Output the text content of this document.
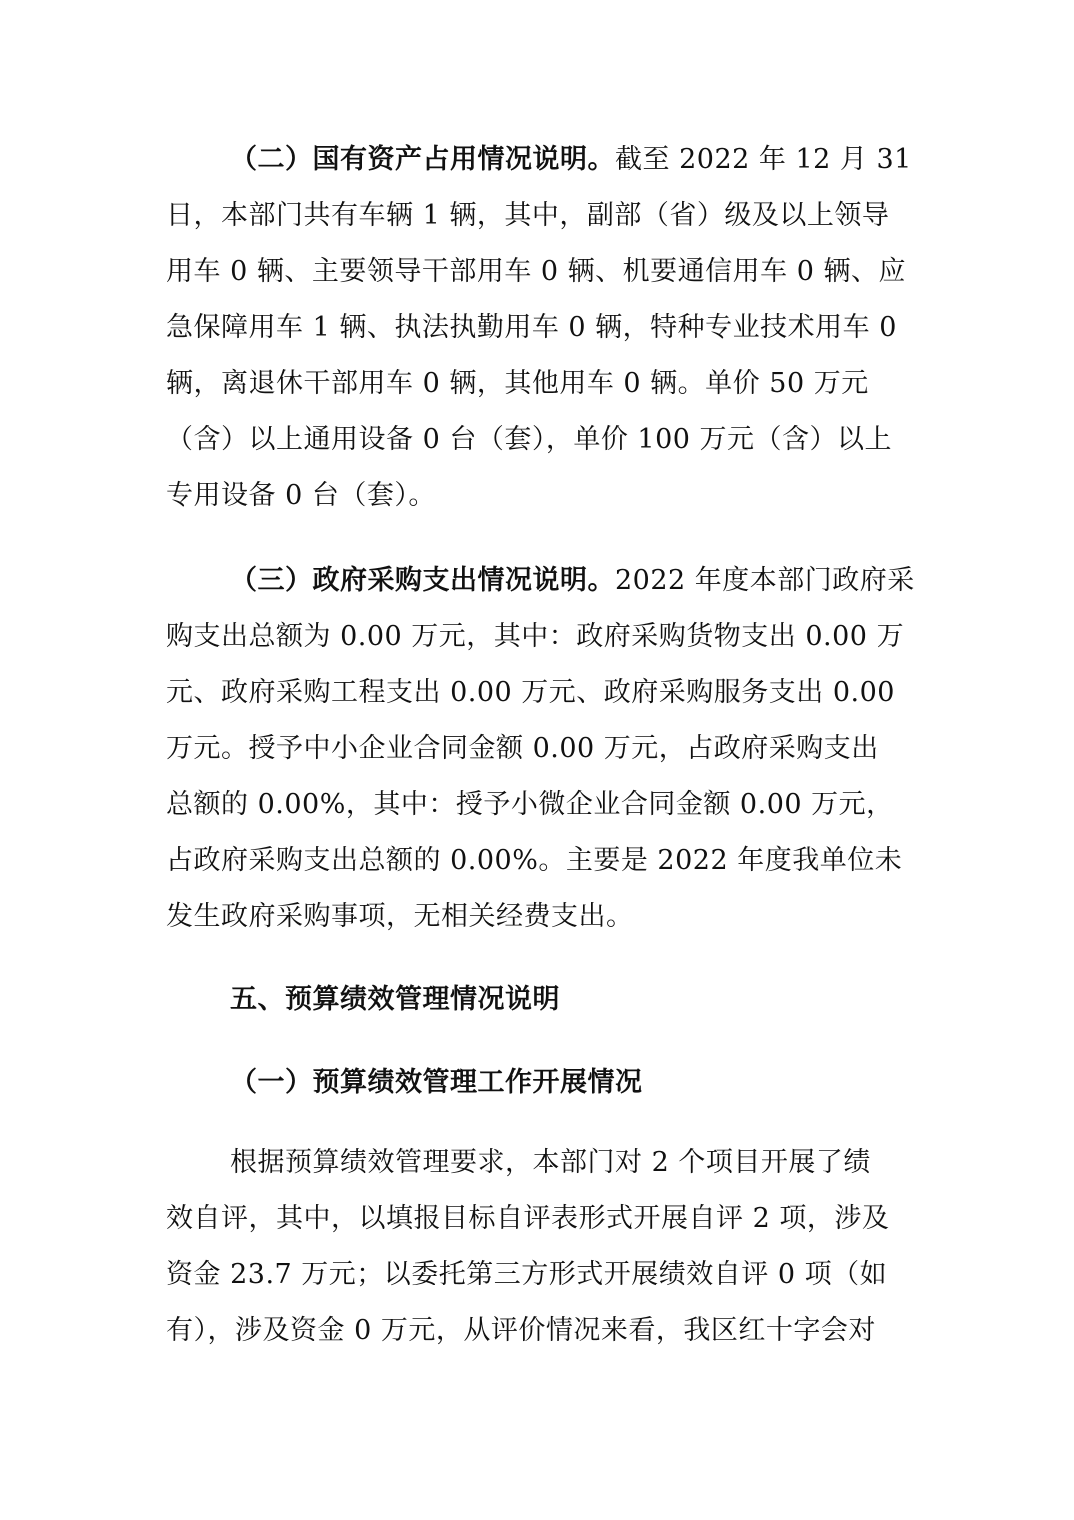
（二）国有资产占用情况说明。截至 2022 年 12 月 31
日，本部门共有车辆 1 辆，其中，副部（省）级及以上领导
用车 0 辆、主要领导干部用车 0 辆、机要通信用车 0 辆、应
急保障用车 1 辆、执法执勤用车 0 辆，特种专业技术用车 0
辆，离退休干部用车 0 辆，其他用车 0 辆。单价 50 万元
（含）以上通用设备 0 台（套），单价 100 万元（含）以上
专用设备 0 台（套）。
（三）政府采购支出情况说明。2022 年度本部门政府采
购支出总额为 0.00 万元，其中：政府采购货物支出 0.00 万
元、政府采购工程支出 0.00 万元、政府采购服务支出 0.00
万元。授予中小企业合同金额 0.00 万元，占政府采购支出
总额的 0.00%，其中：授予小微企业合同金额 0.00 万元，
占政府采购支出总额的 0.00%。主要是 2022 年度我单位未
发生政府采购事项，无相关经费支出。
五、预算绩效管理情况说明
（一）预算绩效管理工作开展情况
根据预算绩效管理要求，本部门对 2 个项目开展了绩
效自评，其中，以填报目标自评表形式开展自评 2 项，涉及
资金 23.7 万元；以委托第三方形式开展绩效自评 0 项（如
有），涉及资金 0 万元，从评价情况来看，我区红十字会对
